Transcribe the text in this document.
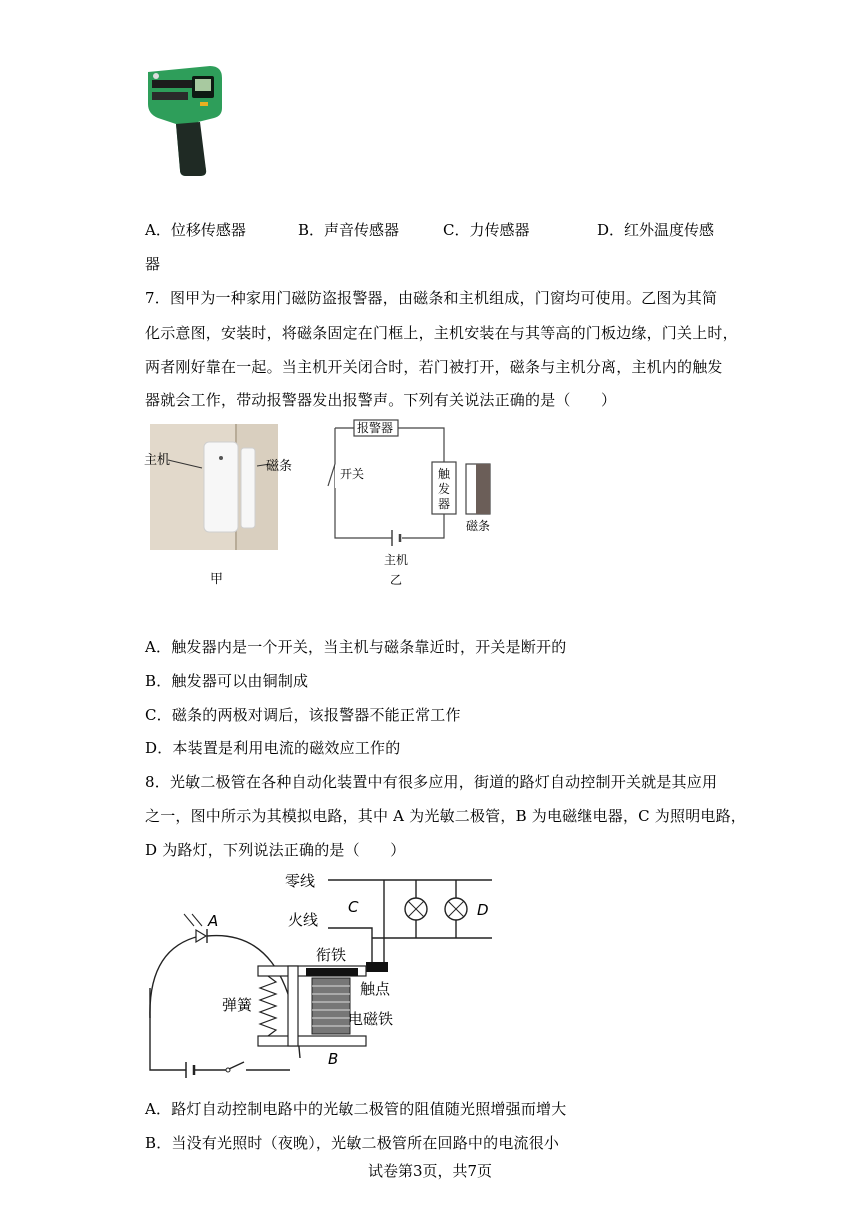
A．位移传感器	B．声音传感器	C．力传感器	D．红外温度传感
器
7．图甲为一种家用门磁防盗报警器，由磁条和主机组成，门窗均可使用。乙图为其简
化示意图，安装时，将磁条固定在门框上，主机安装在与其等高的门板边缘，门关上时，
两者刚好靠在一起。当主机开关闭合时，若门被打开，磁条与主机分离，主机内的触发
器就会工作，带动报警器发出报警声。下列有关说法正确的是（　　）
主机	磁条
甲
报警器
触
发
器
开关
主机
乙
磁条
A．触发器内是一个开关，当主机与磁条靠近时，开关是断开的
B．触发器可以由铜制成
C．磁条的两极对调后，该报警器不能正常工作
D．本装置是利用电流的磁效应工作的
8．光敏二极管在各种自动化装置中有很多应用，街道的路灯自动控制开关就是其应用
之一，图中所示为其模拟电路，其中 A 为光敏二极管，B 为电磁继电器，C 为照明电路，
D 为路灯，下列说法正确的是（　　）
零线
火线
D
C
触点
A
衔铁
弹簧
电磁铁
B
A．路灯自动控制电路中的光敏二极管的阻值随光照增强而增大
B．当没有光照时（夜晚），光敏二极管所在回路中的电流很小
试卷第3页，共7页
